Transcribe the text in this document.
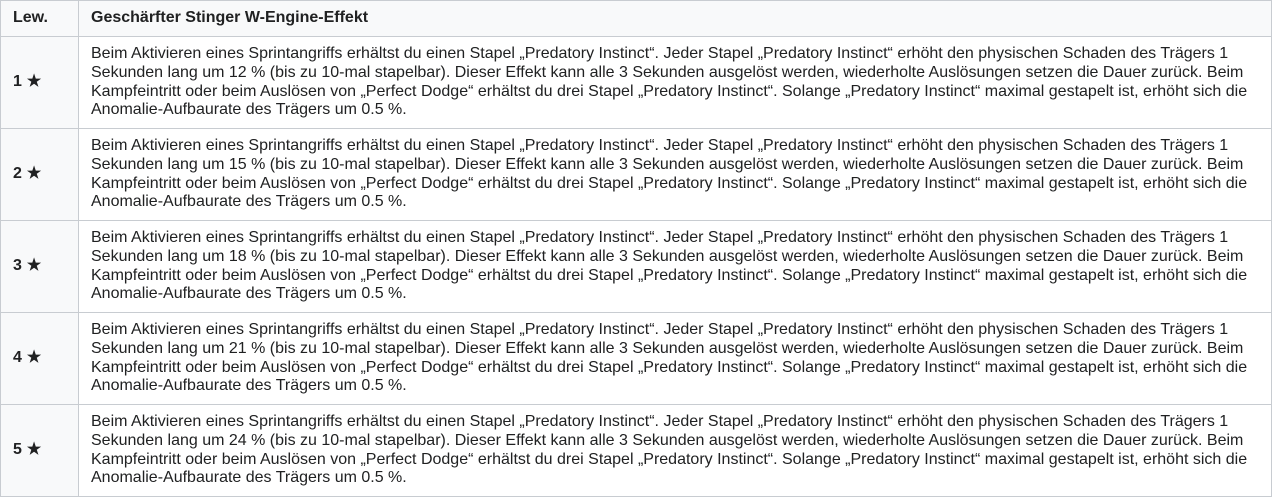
Lew.	Geschärfter Stinger W-Engine-Effekt
1 ★	Beim Aktivieren eines Sprintangriffs erhältst du einen Stapel „Predatory Instinct“. Jeder Stapel „Predatory Instinct“ erhöht den physischen Schaden des Trägers 1 Sekunden lang um 12 % (bis zu 10-mal stapelbar). Dieser Effekt kann alle 3 Sekunden ausgelöst werden, wiederholte Auslösungen setzen die Dauer zurück. Beim Kampfeintritt oder beim Auslösen von „Perfect Dodge“ erhältst du drei Stapel „Predatory Instinct“. Solange „Predatory Instinct“ maximal gestapelt ist, erhöht sich die Anomalie-Aufbaurate des Trägers um 0.5 %.
2 ★	Beim Aktivieren eines Sprintangriffs erhältst du einen Stapel „Predatory Instinct“. Jeder Stapel „Predatory Instinct“ erhöht den physischen Schaden des Trägers 1 Sekunden lang um 15 % (bis zu 10-mal stapelbar). Dieser Effekt kann alle 3 Sekunden ausgelöst werden, wiederholte Auslösungen setzen die Dauer zurück. Beim Kampfeintritt oder beim Auslösen von „Perfect Dodge“ erhältst du drei Stapel „Predatory Instinct“. Solange „Predatory Instinct“ maximal gestapelt ist, erhöht sich die Anomalie-Aufbaurate des Trägers um 0.5 %.
3 ★	Beim Aktivieren eines Sprintangriffs erhältst du einen Stapel „Predatory Instinct“. Jeder Stapel „Predatory Instinct“ erhöht den physischen Schaden des Trägers 1 Sekunden lang um 18 % (bis zu 10-mal stapelbar). Dieser Effekt kann alle 3 Sekunden ausgelöst werden, wiederholte Auslösungen setzen die Dauer zurück. Beim Kampfeintritt oder beim Auslösen von „Perfect Dodge“ erhältst du drei Stapel „Predatory Instinct“. Solange „Predatory Instinct“ maximal gestapelt ist, erhöht sich die Anomalie-Aufbaurate des Trägers um 0.5 %.
4 ★	Beim Aktivieren eines Sprintangriffs erhältst du einen Stapel „Predatory Instinct“. Jeder Stapel „Predatory Instinct“ erhöht den physischen Schaden des Trägers 1 Sekunden lang um 21 % (bis zu 10-mal stapelbar). Dieser Effekt kann alle 3 Sekunden ausgelöst werden, wiederholte Auslösungen setzen die Dauer zurück. Beim Kampfeintritt oder beim Auslösen von „Perfect Dodge“ erhältst du drei Stapel „Predatory Instinct“. Solange „Predatory Instinct“ maximal gestapelt ist, erhöht sich die Anomalie-Aufbaurate des Trägers um 0.5 %.
5 ★	Beim Aktivieren eines Sprintangriffs erhältst du einen Stapel „Predatory Instinct“. Jeder Stapel „Predatory Instinct“ erhöht den physischen Schaden des Trägers 1 Sekunden lang um 24 % (bis zu 10-mal stapelbar). Dieser Effekt kann alle 3 Sekunden ausgelöst werden, wiederholte Auslösungen setzen die Dauer zurück. Beim Kampfeintritt oder beim Auslösen von „Perfect Dodge“ erhältst du drei Stapel „Predatory Instinct“. Solange „Predatory Instinct“ maximal gestapelt ist, erhöht sich die Anomalie-Aufbaurate des Trägers um 0.5 %.
